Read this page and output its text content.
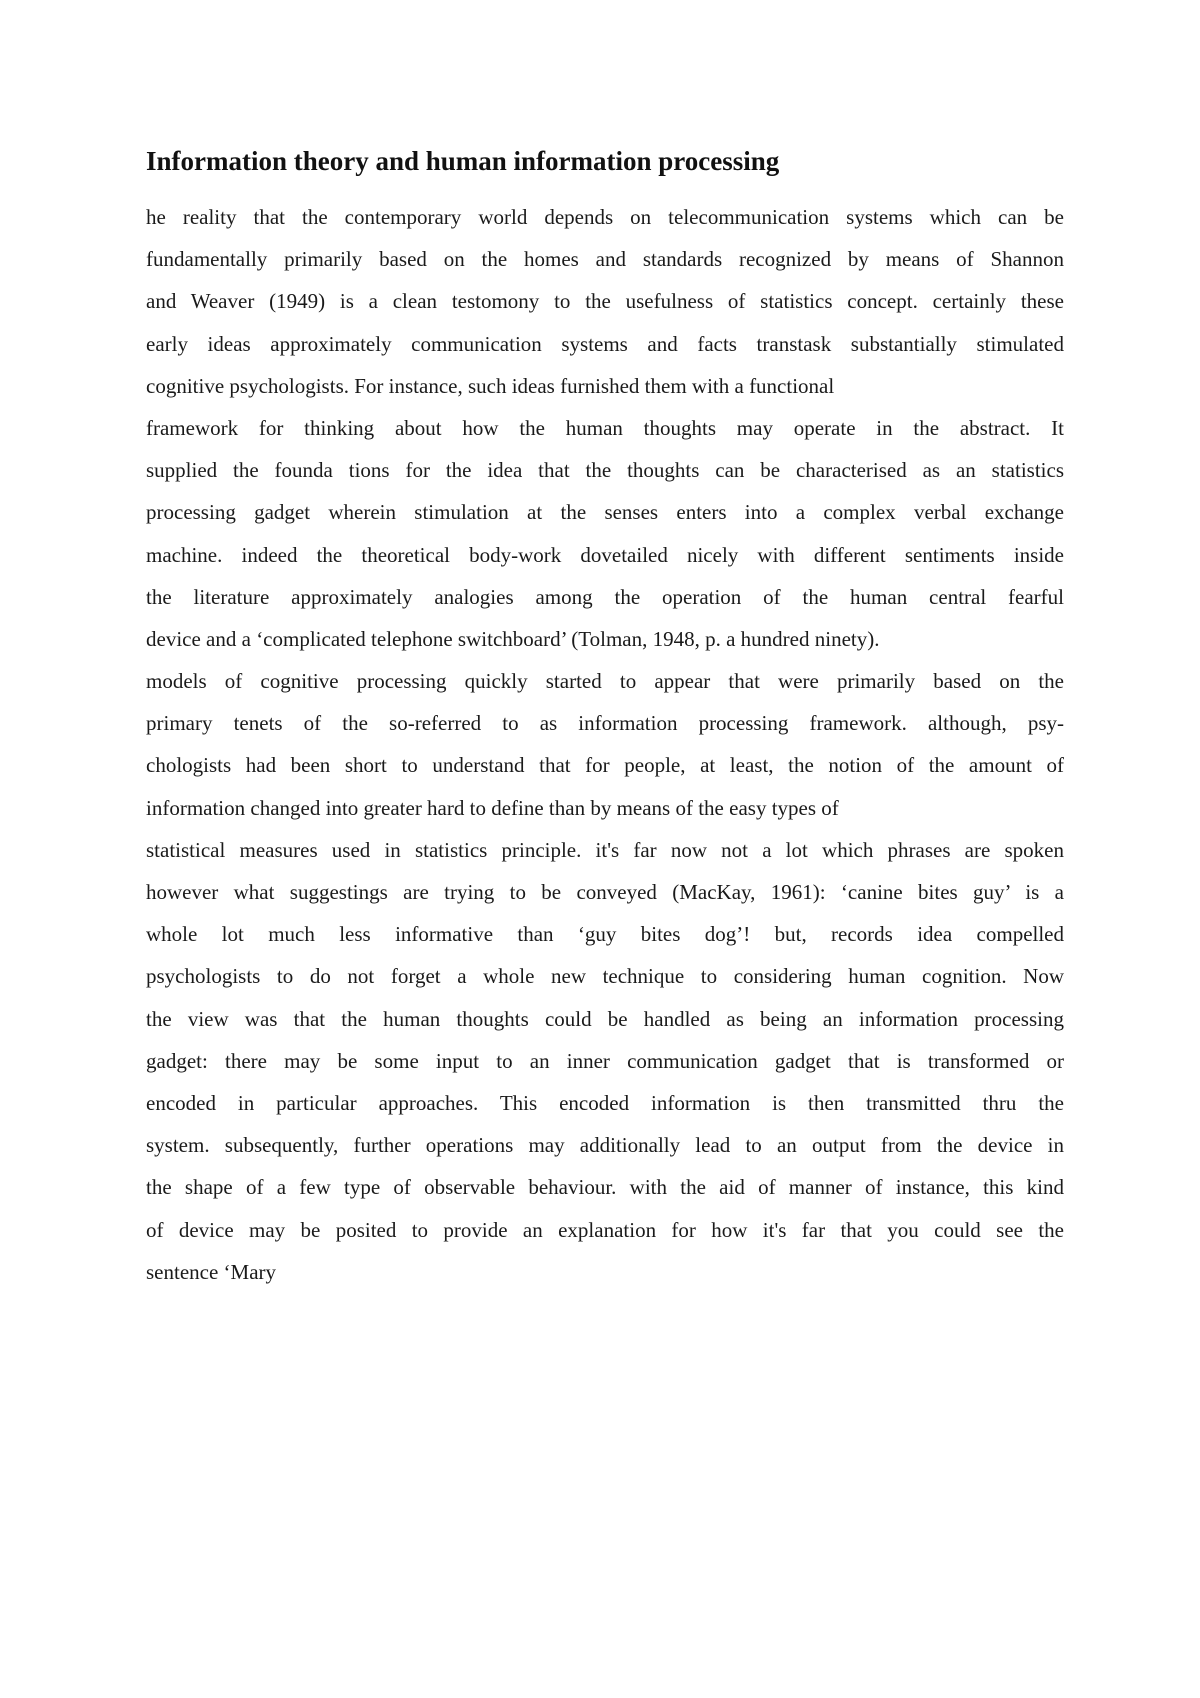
Information theory and human information processing
he reality that the contemporary world depends on telecommunication systems which can be
fundamentally primarily based on the homes and standards recognized by means of Shannon
and Weaver (1949) is a clean testomony to the usefulness of statistics concept. certainly these
early ideas approximately communication systems and facts transtask substantially stimulated
cognitive psychologists. For instance, such ideas furnished them with a functional
framework for thinking about how the human thoughts may operate in the abstract. It
supplied the founda tions for the idea that the thoughts can be characterised as an statistics
processing gadget wherein stimulation at the senses enters into a complex verbal exchange
machine. indeed the theoretical body-work dovetailed nicely with different sentiments inside
the literature approximately analogies among the operation of the human central fearful
device and a ‘complicated telephone switchboard’ (Tolman, 1948, p. a hundred ninety).
models of cognitive processing quickly started to appear that were primarily based on the
primary tenets of the so-referred to as information processing framework. although, psy-
chologists had been short to understand that for people, at least, the notion of the amount of
information changed into greater hard to define than by means of the easy types of
statistical measures used in statistics principle. it's far now not a lot which phrases are spoken
however what suggestings are trying to be conveyed (MacKay, 1961): ‘canine bites guy’ is a
whole lot much less informative than ‘guy bites dog’! but, records idea compelled
psychologists to do not forget a whole new technique to considering human cognition. Now
the view was that the human thoughts could be handled as being an information processing
gadget: there may be some input to an inner communication gadget that is transformed or
encoded in particular approaches. This encoded information is then transmitted thru the
system. subsequently, further operations may additionally lead to an output from the device in
the shape of a few type of observable behaviour. with the aid of manner of instance, this kind
of device may be posited to provide an explanation for how it's far that you could see the
sentence ‘Mary
